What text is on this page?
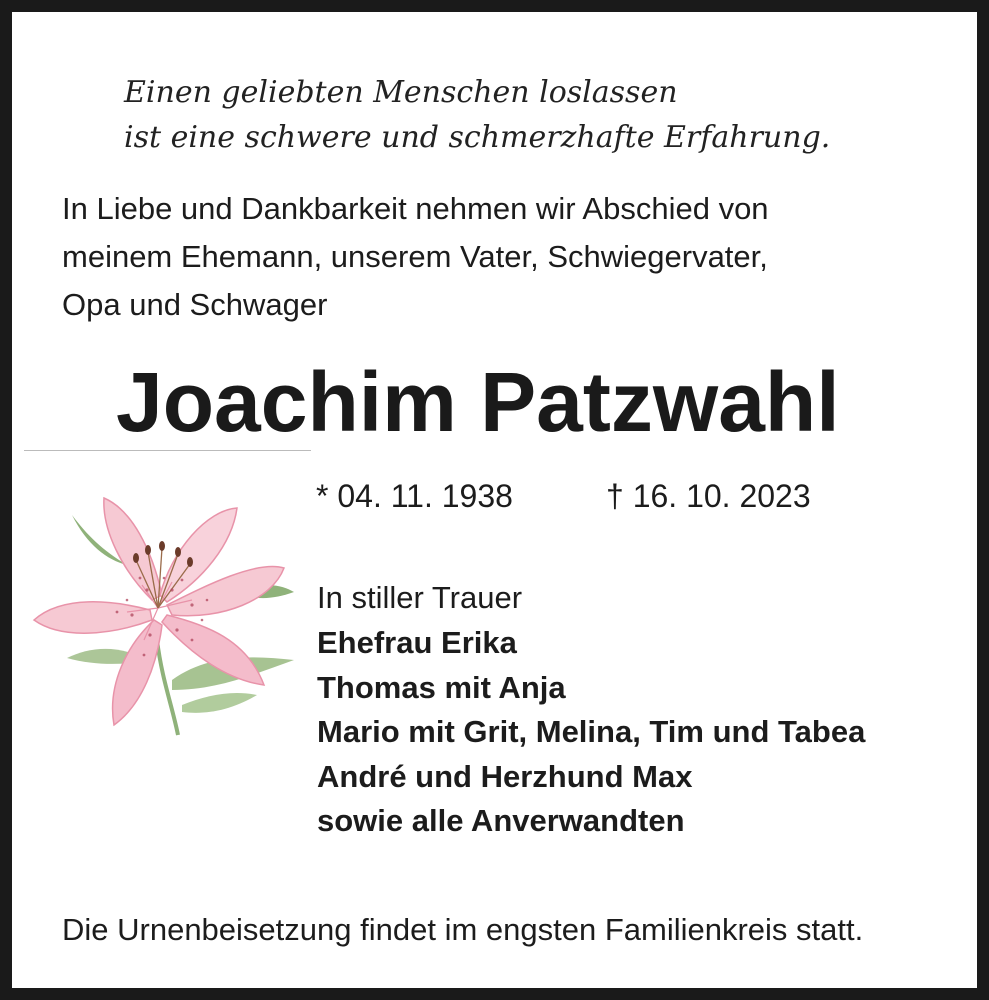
Einen geliebten Menschen loslassen
ist eine schwere und schmerzhafte Erfahrung.
In Liebe und Dankbarkeit nehmen wir Abschied von
meinem Ehemann, unserem Vater, Schwiegervater,
Opa und Schwager
Joachim Patzwahl
* 04. 11. 1938	† 16. 10. 2023
In stiller Trauer
Ehefrau Erika
Thomas mit Anja
Mario mit Grit, Melina, Tim und Tabea
André und Herzhund Max
sowie alle Anverwandten
Die Urnenbeisetzung findet im engsten Familienkreis statt.
